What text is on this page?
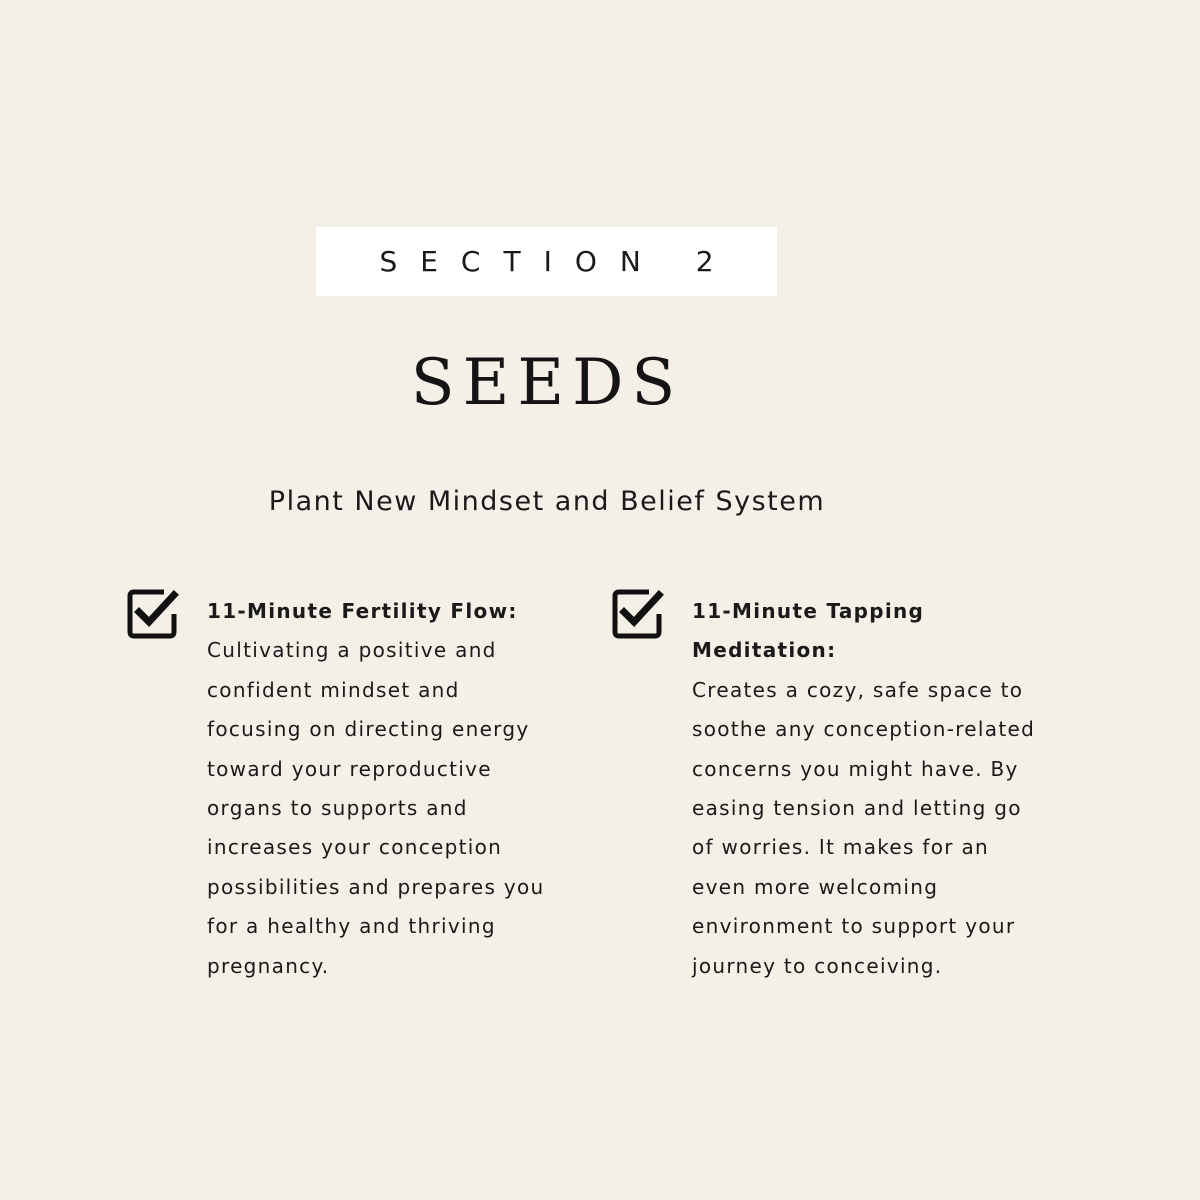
SECTION 2
SEEDS
Plant New Mindset and Belief System
11-Minute Fertility Flow:
Cultivating a positive and
confident mindset and
focusing on directing energy
toward your reproductive
organs to supports and
increases your conception
possibilities and prepares you
for a healthy and thriving
pregnancy.
11-Minute Tapping Meditation:
Creates a cozy, safe space to
soothe any conception-related
concerns you might have. By
easing tension and letting go
of worries. It makes for an
even more welcoming
environment to support your
journey to conceiving.
